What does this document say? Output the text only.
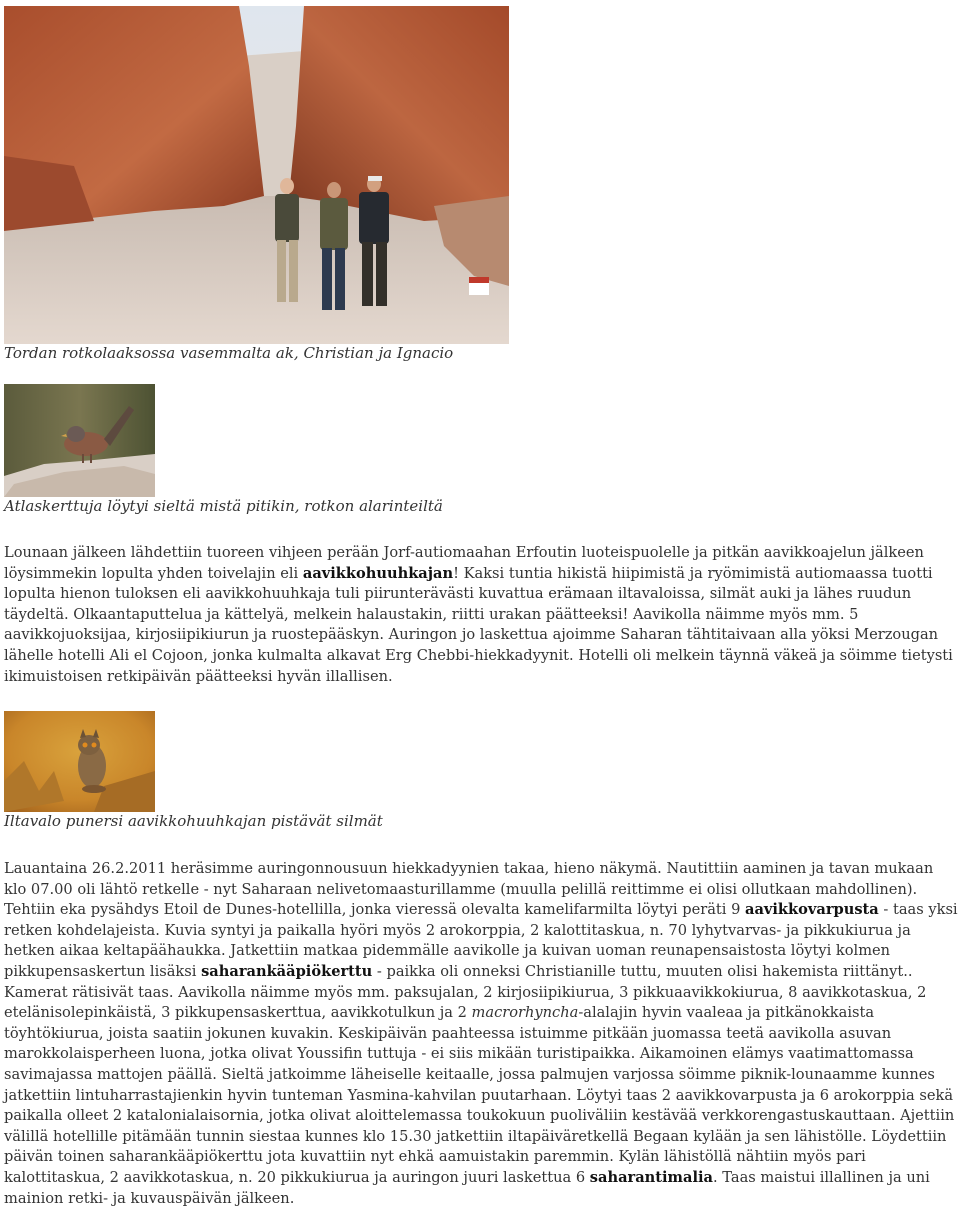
Tordan rotkolaaksossa vasemmalta ak, Christian ja Ignacio
Atlaskerttuja löytyi sieltä mistä pitikin, rotkon alarinteiltä

Lounaan jälkeen lähdettiin tuoreen vihjeen perään Jorf-autiomaahan Erfoutin luoteispuolelle ja pitkän aavikkoajelun jälkeen löysimmekin lopulta yhden toivelajin eli aavikkohuuhkajan! Kaksi tuntia hikistä hiipimistä ja ryömimistä autiomaassa tuotti lopulta hienon tuloksen eli aavikkohuuhkaja tuli piirunterävästi kuvattua erämaan iltavaloissa, silmät auki ja lähes ruudun täydeltä. Olkaantaputtelua ja kättelyä, melkein halaustakin, riitti urakan päätteeksi! Aavikolla näimme myös mm. 5 aavikkojuoksijaa, kirjosiipikiurun ja ruostepääskyn. Auringon jo laskettua ajoimme Saharan tähtitaivaan alla yöksi Merzougan lähelle hotelli Ali el Cojoon, jonka kulmalta alkavat Erg Chebbi-hiekkadyynit. Hotelli oli melkein täynnä väkeä ja söimme tietysti ikimuistoisen retkipäivän päätteeksi hyvän illallisen.

Iltavalo punersi aavikkohuuhkajan pistävät silmät

Lauantaina 26.2.2011 heräsimme auringonnousuun hiekkadyynien takaa, hieno näkymä. Nautittiin aaminen ja tavan mukaan klo 07.00 oli lähtö retkelle - nyt Saharaan nelivetomaasturillamme (muulla pelillä reittimme ei olisi ollutkaan mahdollinen). Tehtiin eka pysähdys Etoil de Dunes-hotellilla, jonka vieressä olevalta kamelifarmilta löytyi peräti 9 aavikkovarpusta - taas yksi retken kohdelajeista. Kuvia syntyi ja paikalla hyöri myös 2 arokorppia, 2 kalottitaskua, n. 70 lyhytvarvas- ja pikkukiurua ja hetken aikaa keltapäähaukka. Jatkettiin matkaa pidemmälle aavikolle ja kuivan uoman reunapensaistosta löytyi kolmen pikkupensaskertun lisäksi saharankääpiökerttu - paikka oli onneksi Christianille tuttu, muuten olisi hakemista riittänyt.. Kamerat rätisivät taas. Aavikolla näimme myös mm. paksujalan, 2 kirjosiipikiurua, 3 pikkuaavikkokiurua, 8 aavikkotaskua, 2 etelänisolepinkäistä, 3 pikkupensaskerttua, aavikkotulkun ja 2 macrorhyncha-alalajin hyvin vaaleaa ja pitkänokkaista töyhtökiurua, joista saatiin jokunen kuvakin. Keskipäivän paahteessa istuimme pitkään juomassa teetä aavikolla asuvan marokkolaisperheen luona, jotka olivat Youssifin tuttuja - ei siis mikään turistipaikka. Aikamoinen elämys vaatimattomassa savimajassa mattojen päällä. Sieltä jatkoimme läheiselle keitaalle, jossa palmujen varjossa söimme piknik-lounaamme kunnes jatkettiin lintuharrastajienkin hyvin tunteman Yasmina-kahvilan puutarhaan. Löytyi taas 2 aavikkovarpusta ja 6 arokorppia sekä paikalla olleet 2 katalonialaisornia, jotka olivat aloittelemassa toukokuun puoliväliin kestävää verkkorengastuskauttaan. Ajettiin välillä hotellille pitämään tunnin siestaa kunnes klo 15.30 jatkettiin iltapäiväretkellä Begaan kylään ja sen lähistölle. Löydettiin päivän toinen saharankääpiökerttu jota kuvattiin nyt ehkä aamuistakin paremmin. Kylän lähistöllä nähtiin myös pari kalottitaskua, 2 aavikkotaskua, n. 20 pikkukiurua ja auringon juuri laskettua 6 saharantimalia. Taas maistui illallinen ja uni mainion retki- ja kuvauspäivän jälkeen.
